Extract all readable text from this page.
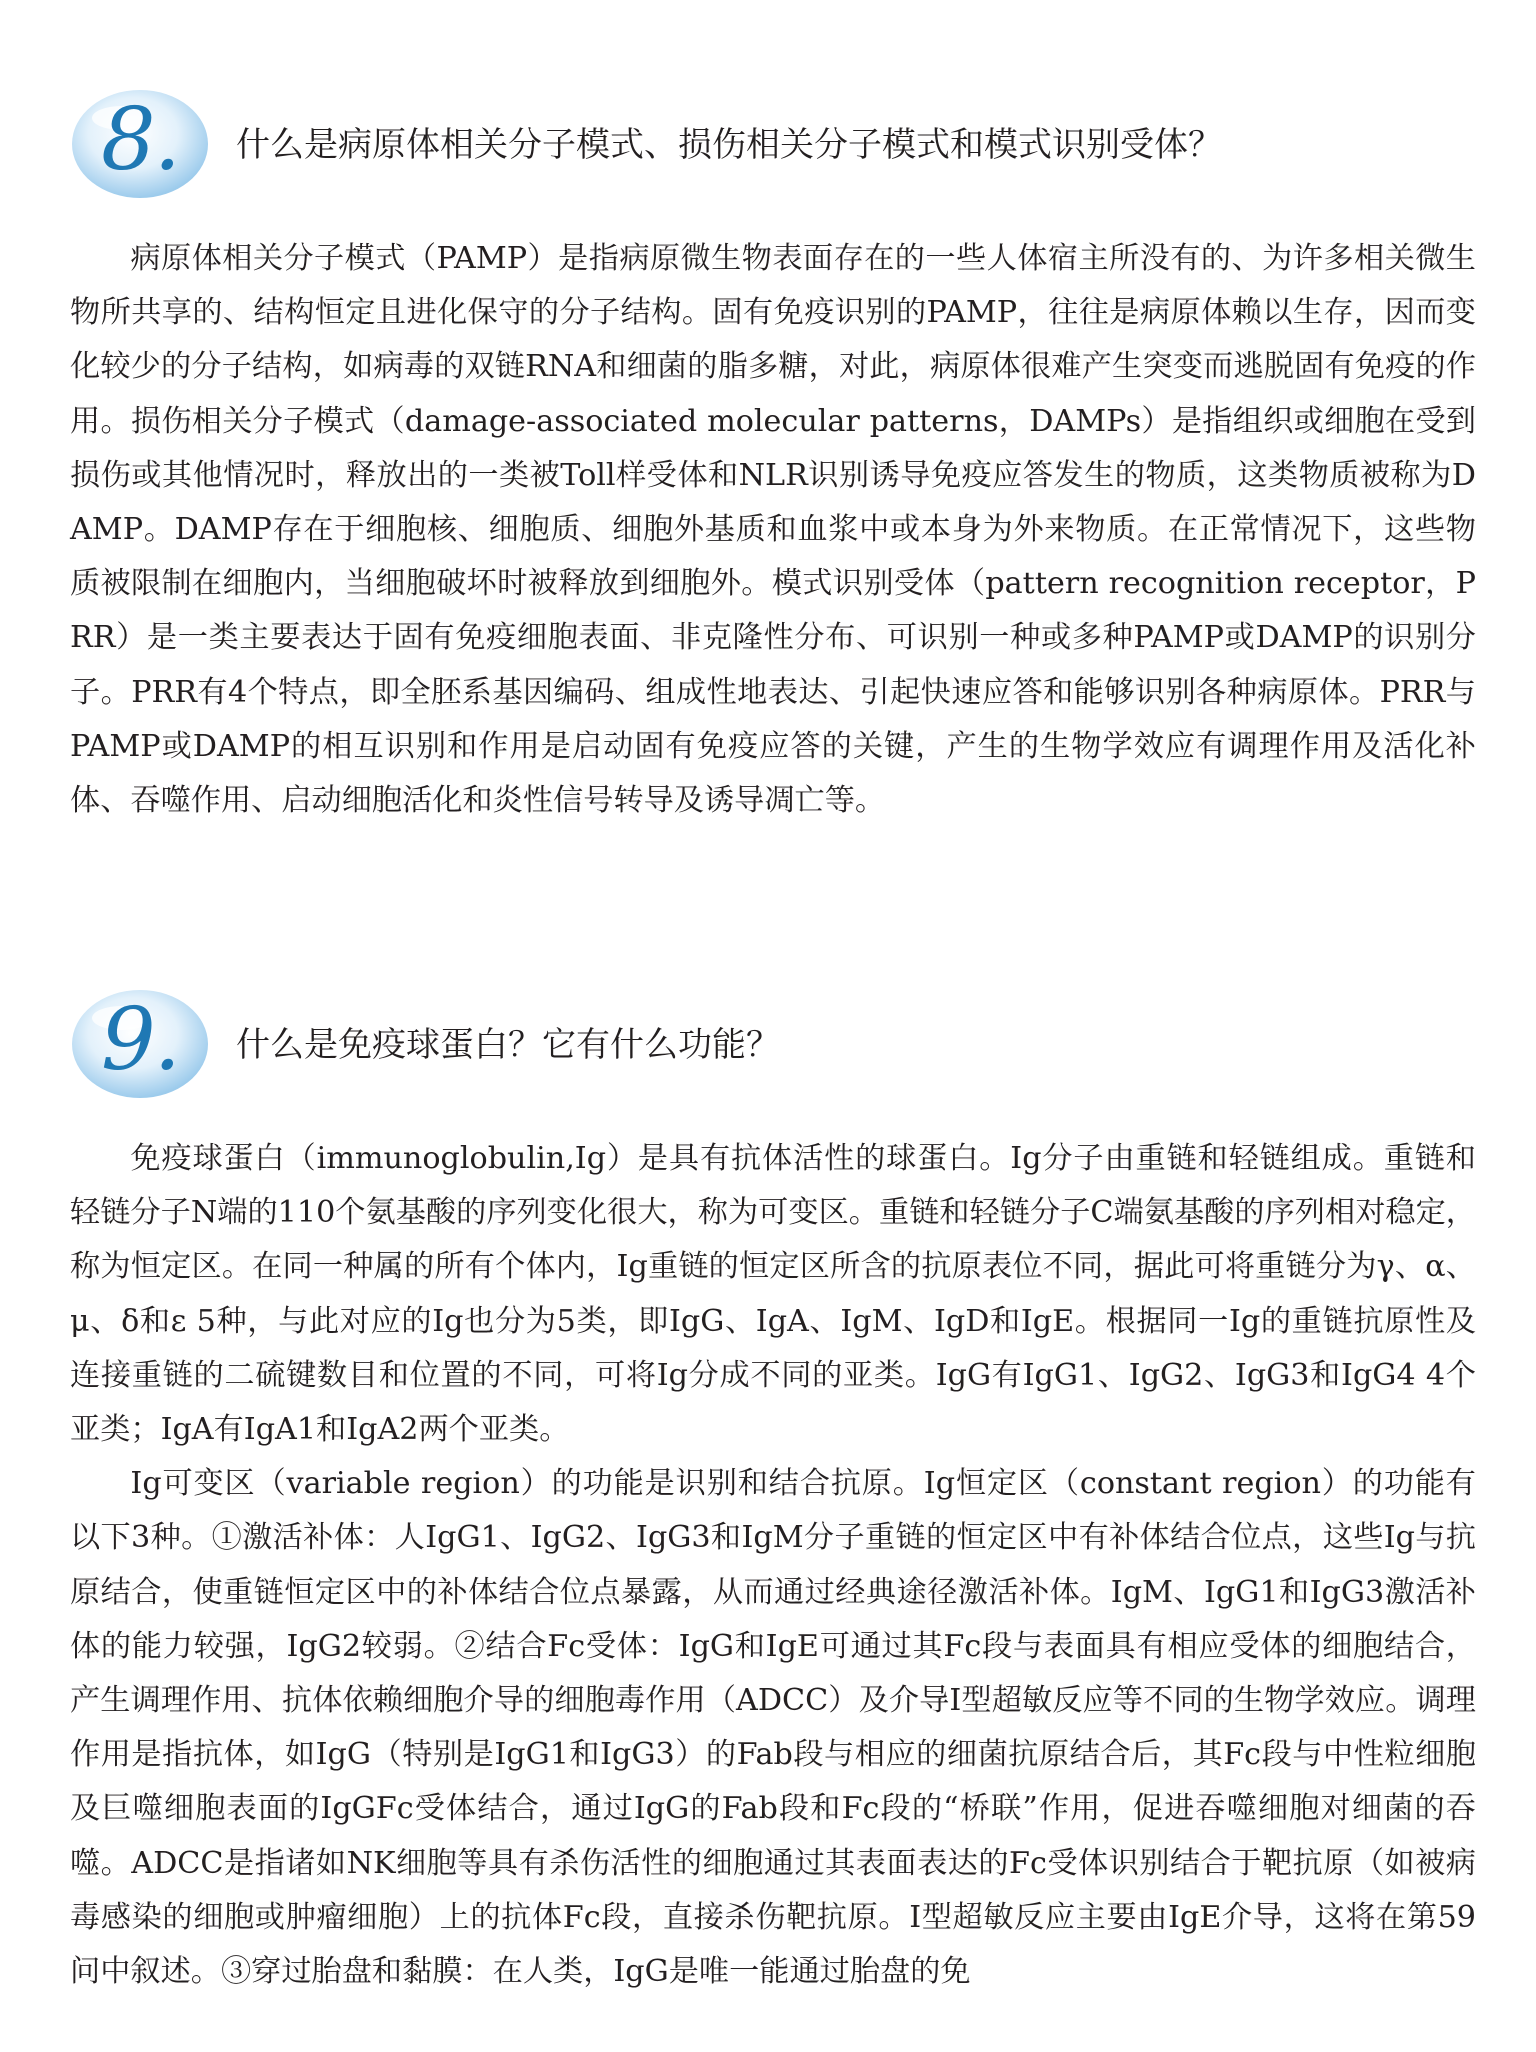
8.	什么是病原体相关分子模式、损伤相关分子模式和模式识别受体？

病原体相关分子模式（PAMP）是指病原微生物表面存在的一些人体宿主所没有的、为许多相关微生物所共享的、结构恒定且进化保守的分子结构。固有免疫识别的PAMP，往往是病原体赖以生存，因而变化较少的分子结构，如病毒的双链RNA和细菌的脂多糖，对此，病原体很难产生突变而逃脱固有免疫的作用。损伤相关分子模式（damage-associated molecular patterns，DAMPs）是指组织或细胞在受到损伤或其他情况时，释放出的一类被Toll样受体和NLR识别诱导免疫应答发生的物质，这类物质被称为DAMP。DAMP存在于细胞核、细胞质、细胞外基质和血浆中或本身为外来物质。在正常情况下，这些物质被限制在细胞内，当细胞破坏时被释放到细胞外。模式识别受体（pattern recognition receptor，PRR）是一类主要表达于固有免疫细胞表面、非克隆性分布、可识别一种或多种PAMP或DAMP的识别分子。PRR有4个特点，即全胚系基因编码、组成性地表达、引起快速应答和能够识别各种病原体。PRR与PAMP或DAMP的相互识别和作用是启动固有免疫应答的关键，产生的生物学效应有调理作用及活化补体、吞噬作用、启动细胞活化和炎性信号转导及诱导凋亡等。

9.	什么是免疫球蛋白？它有什么功能？

免疫球蛋白（immunoglobulin,Ig）是具有抗体活性的球蛋白。Ig分子由重链和轻链组成。重链和轻链分子N端的110个氨基酸的序列变化很大，称为可变区。重链和轻链分子C端氨基酸的序列相对稳定，称为恒定区。在同一种属的所有个体内，Ig重链的恒定区所含的抗原表位不同，据此可将重链分为γ、α、μ、δ和ε 5种，与此对应的Ig也分为5类，即IgG、IgA、IgM、IgD和IgE。根据同一Ig的重链抗原性及连接重链的二硫键数目和位置的不同，可将Ig分成不同的亚类。IgG有IgG1、IgG2、IgG3和IgG4 4个亚类；IgA有IgA1和IgA2两个亚类。

Ig可变区（variable region）的功能是识别和结合抗原。Ig恒定区（constant region）的功能有以下3种。①激活补体：人IgG1、IgG2、IgG3和IgM分子重链的恒定区中有补体结合位点，这些Ig与抗原结合，使重链恒定区中的补体结合位点暴露，从而通过经典途径激活补体。IgM、IgG1和IgG3激活补体的能力较强，IgG2较弱。②结合Fc受体：IgG和IgE可通过其Fc段与表面具有相应受体的细胞结合，产生调理作用、抗体依赖细胞介导的细胞毒作用（ADCC）及介导Ⅰ型超敏反应等不同的生物学效应。调理作用是指抗体，如IgG（特别是IgG1和IgG3）的Fab段与相应的细菌抗原结合后，其Fc段与中性粒细胞及巨噬细胞表面的IgGFc受体结合，通过IgG的Fab段和Fc段的“桥联”作用，促进吞噬细胞对细菌的吞噬。ADCC是指诸如NK细胞等具有杀伤活性的细胞通过其表面表达的Fc受体识别结合于靶抗原（如被病毒感染的细胞或肿瘤细胞）上的抗体Fc段，直接杀伤靶抗原。Ⅰ型超敏反应主要由IgE介导，这将在第59问中叙述。③穿过胎盘和黏膜：在人类，IgG是唯一能通过胎盘的免
